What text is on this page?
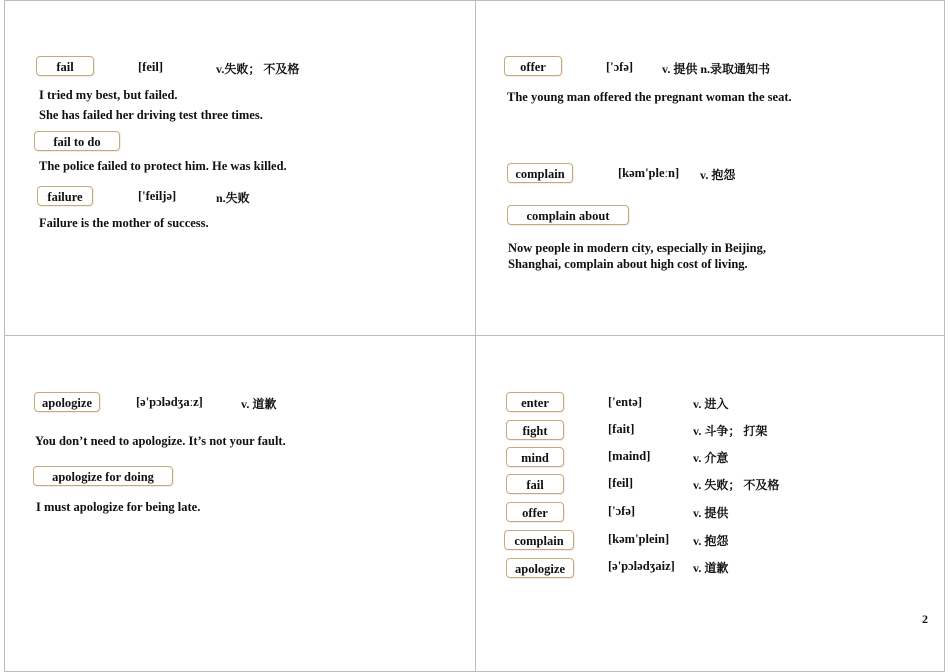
fail	[feil]	v.失败； 不及格
I tried my best, but failed.
She has failed her driving test three times.
fail to do
The police failed to protect him. He was killed.
failure	['feiljə]	n.失败
Failure is the mother of success.
offer	['ɔfə] v. 提供 n.录取通知书
The young man offered the pregnant woman the seat.
complain	[kəm'pleːn] v. 抱怨
complain about
Now people in modern city, especially in Beijing,
Shanghai, complain about high cost of living.
apologize	[ə'pɔlədʒaːz]	v. 道歉
You don’t need to apologize. It’s not your fault.
apologize for doing
I must apologize for being late.
enter	['entə]	v. 进入
fight	[fait]	v. 斗争； 打架
mind	[maind]	v. 介意
fail	[feil]	v. 失败； 不及格
offer	['ɔfə]	v. 提供
complain	[kəm'plein] v. 抱怨
apologize	[ə'pɔlədʒaiz] v. 道歉
2
